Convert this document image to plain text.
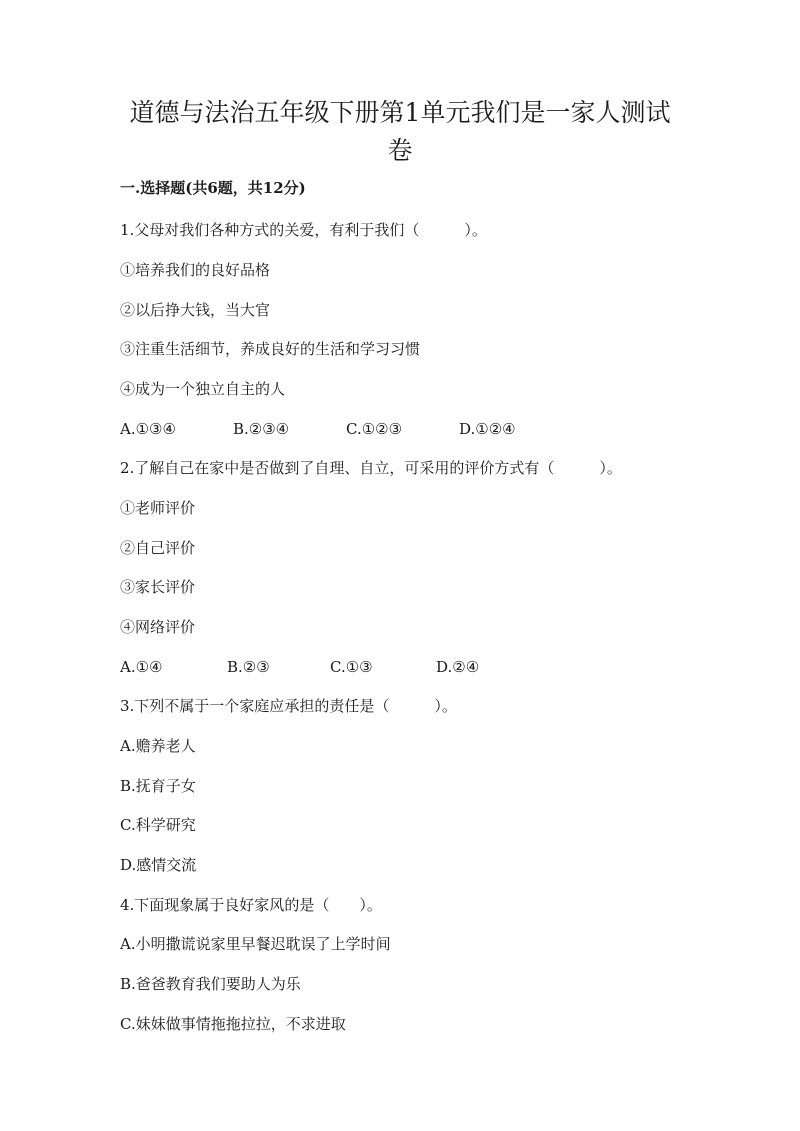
道德与法治五年级下册第1单元我们是一家人测试卷
一.选择题(共6题，共12分)
1.父母对我们各种方式的关爱，有利于我们（　　　）。
①培养我们的良好品格
②以后挣大钱，当大官
③注重生活细节，养成良好的生活和学习习惯
④成为一个独立自主的人
A.①③④	B.②③④	C.①②③	D.①②④
2.了解自己在家中是否做到了自理、自立，可采用的评价方式有（　　　）。
①老师评价
②自己评价
③家长评价
④网络评价
A.①④	B.②③	C.①③	D.②④
3.下列不属于一个家庭应承担的责任是（　　　）。
A.赡养老人
B.抚育子女
C.科学研究
D.感情交流
4.下面现象属于良好家风的是（　　）。
A.小明撒谎说家里早餐迟耽误了上学时间
B.爸爸教育我们要助人为乐
C.妹妹做事情拖拖拉拉，不求进取
